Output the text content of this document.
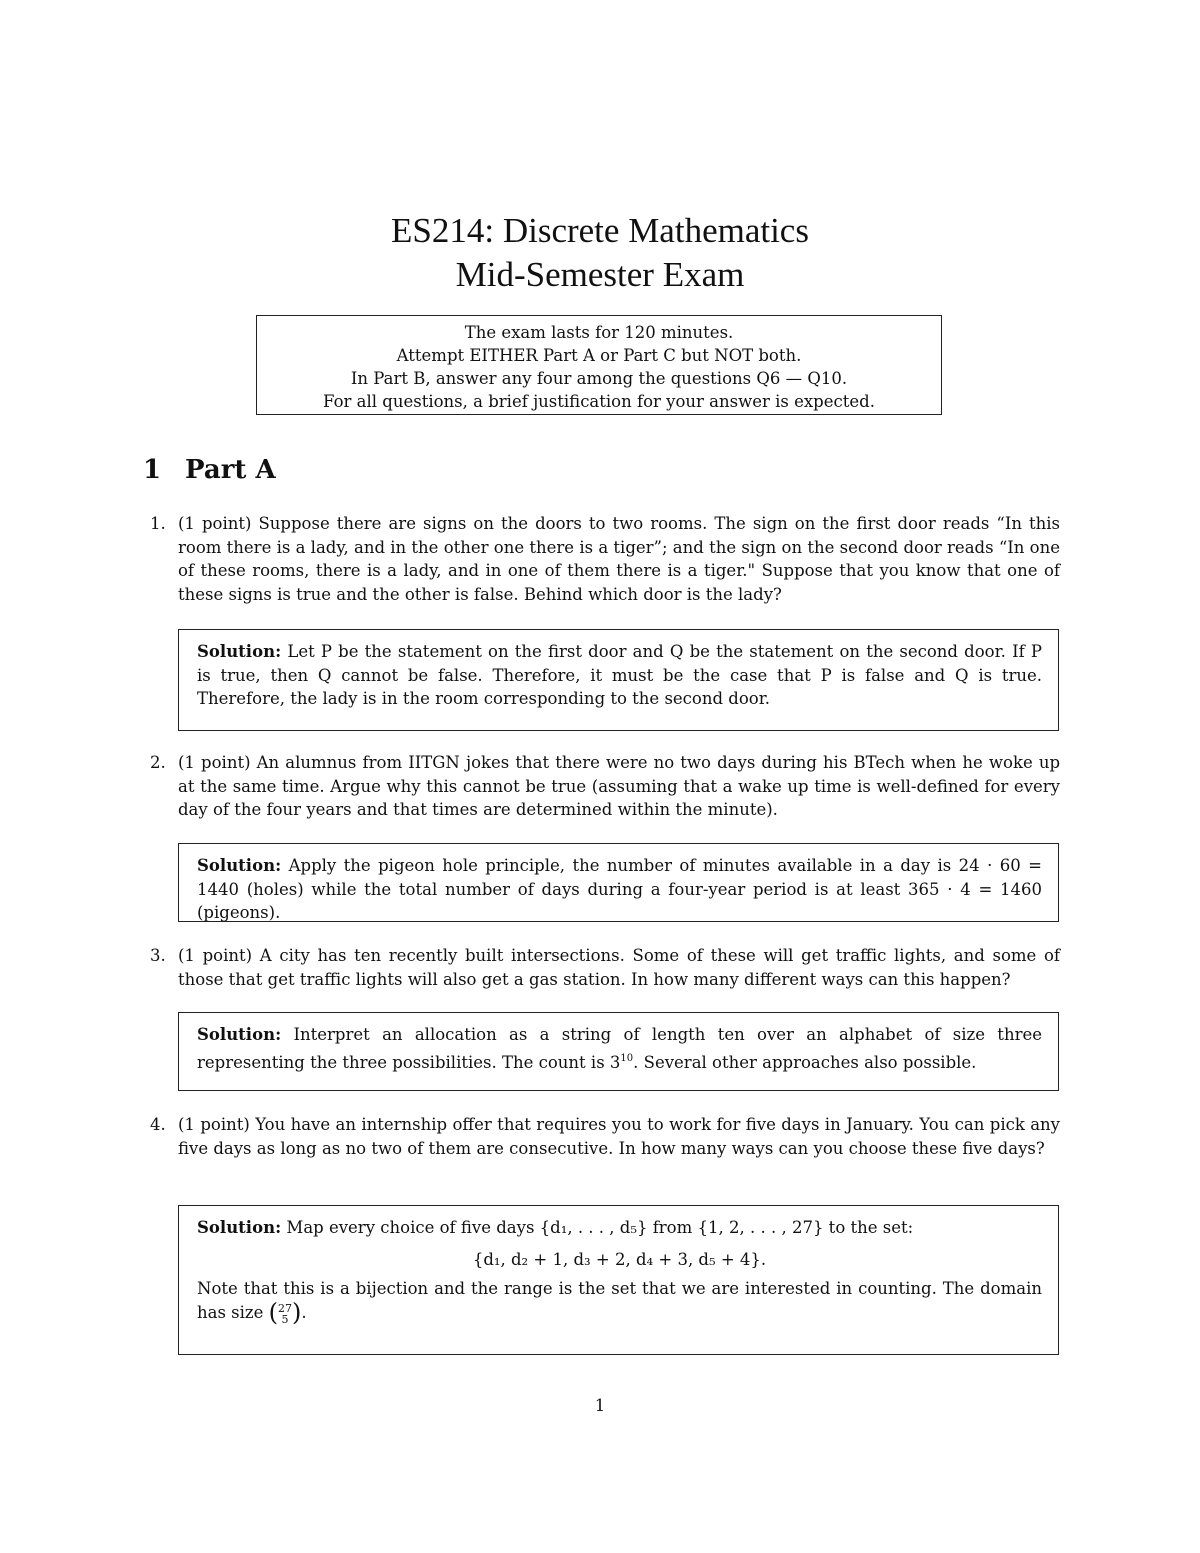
ES214: Discrete Mathematics
Mid-Semester Exam
The exam lasts for 120 minutes.
Attempt EITHER Part A or Part C but NOT both.
In Part B, answer any four among the questions Q6 — Q10.
For all questions, a brief justification for your answer is expected.
1 Part A
1. (1 point) Suppose there are signs on the doors to two rooms. The sign on the first door reads “In this room there is a lady, and in the other one there is a tiger”; and the sign on the second door reads “In one of these rooms, there is a lady, and in one of them there is a tiger." Suppose that you know that one of these signs is true and the other is false. Behind which door is the lady?
Solution: Let P be the statement on the first door and Q be the statement on the second door. If P is true, then Q cannot be false. Therefore, it must be the case that P is false and Q is true. Therefore, the lady is in the room corresponding to the second door.
2. (1 point) An alumnus from IITGN jokes that there were no two days during his BTech when he woke up at the same time. Argue why this cannot be true (assuming that a wake up time is well-defined for every day of the four years and that times are determined within the minute).
Solution: Apply the pigeon hole principle, the number of minutes available in a day is 24 · 60 = 1440 (holes) while the total number of days during a four-year period is at least 365 · 4 = 1460 (pigeons).
3. (1 point) A city has ten recently built intersections. Some of these will get traffic lights, and some of those that get traffic lights will also get a gas station. In how many different ways can this happen?
Solution: Interpret an allocation as a string of length ten over an alphabet of size three representing the three possibilities. The count is $3^{10}$. Several other approaches also possible.
4. (1 point) You have an internship offer that requires you to work for five days in January. You can pick any five days as long as no two of them are consecutive. In how many ways can you choose these five days?
Solution: Map every choice of five days {d₁, . . . , d₅} from {1, 2, . . . , 27} to the set:
{d₁, d₂ + 1, d₃ + 2, d₄ + 3, d₅ + 4}.
Note that this is a bijection and the range is the set that we are interested in counting. The domain has size (27
5 ).
1
